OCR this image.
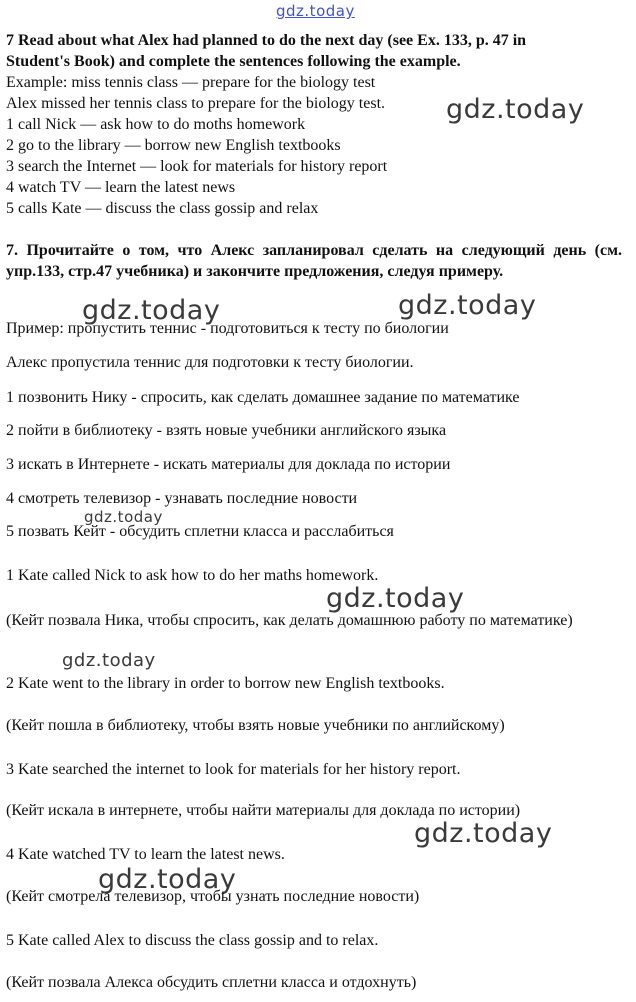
gdz.today
7 Read about what Alex had planned to do the next day (see Ex. 133, p. 47 in
Student's Book) and complete the sentences following the example.
Example: miss tennis class — prepare for the biology test
Alex missed her tennis class to prepare for the biology test.
1 call Nick — ask how to do moths homework
2 go to the library — borrow new English textbooks
3 search the Internet — look for materials for history report
4 watch TV — learn the latest news
5 calls Kate — discuss the class gossip and relax
7. Прочитайте о том, что Алекс запланировал сделать на следующий день (см. упр.133, стр.47 учебника) и закончите предложения, следуя примеру.
Пример: пропустить теннис - подготовиться к тесту по биологии
Алекс пропустила теннис для подготовки к тесту биологии.
1 позвонить Нику - спросить, как сделать домашнее задание по математике
2 пойти в библиотеку - взять новые учебники английского языка
3 искать в Интернете - искать материалы для доклада по истории
4 смотреть телевизор - узнавать последние новости
5 позвать Кейт - обсудить сплетни класса и расслабиться
1 Kate called Nick to ask how to do her maths homework.
(Кейт позвала Ника, чтобы спросить, как делать домашнюю работу по математике)
2 Kate went to the library in order to borrow new English textbooks.
(Кейт пошла в библиотеку, чтобы взять новые учебники по английскому)
3 Kate searched the internet to look for materials for her history report.
(Кейт искала в интернете, чтобы найти материалы для доклада по истории)
4 Kate watched TV to learn the latest news.
(Кейт смотрела телевизор, чтобы узнать последние новости)
5 Kate called Alex to discuss the class gossip and to relax.
(Кейт позвала Алекса обсудить сплетни класса и отдохнуть)
gdz.today
gdz.today	gdz.today
gdz.today
gdz.today
gdz.today
gdz.today
gdz.today
